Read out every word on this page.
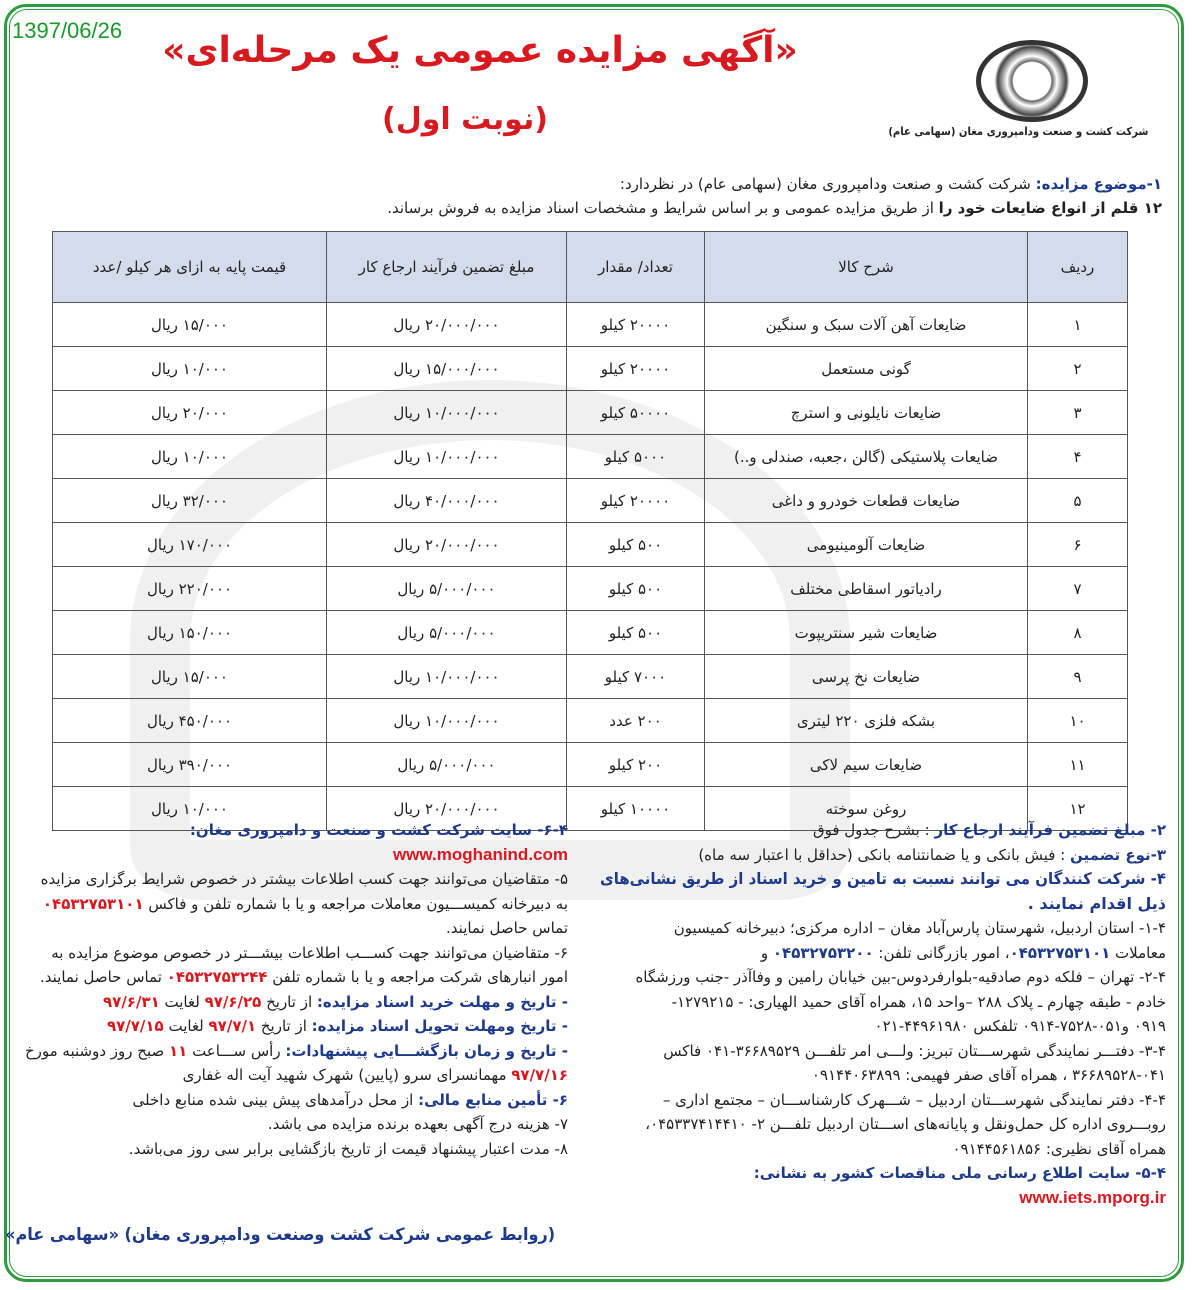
1397/06/26	«آگهی مزایده عمومی یک مرحله‌ای»
(نوبت اول)	شرکت کشت و صنعت ودامپروری مغان (سهامی عام)
۱-موضوع مزایده: شرکت کشت و صنعت ودامپروری مغان (سهامی عام) در نظردارد:
۱۲ قلم از انواع ضایعات خود را از طریق مزایده عمومی و بر اساس شرایط و مشخصات اسناد مزایده به فروش برساند.
ردیف	شرح کالا	تعداد/ مقدار	مبلغ تضمین فرآیند ارجاع کار	قیمت پایه به ازای هر کیلو /عدد
۱	ضایعات آهن آلات سبک و سنگین	۲۰۰۰۰ کیلو	۲۰/۰۰۰/۰۰۰ ریال	۱۵/۰۰۰ ریال
۲	گونی مستعمل	۲۰۰۰۰ کیلو	۱۵/۰۰۰/۰۰۰ ریال	۱۰/۰۰۰ ریال
۳	ضایعات نایلونی و استرچ	۵۰۰۰۰ کیلو	۱۰/۰۰۰/۰۰۰ ریال	۲۰/۰۰۰ ریال
۴	ضایعات پلاستیکی (گالن ،جعبه، صندلی و..)	۵۰۰۰ کیلو	۱۰/۰۰۰/۰۰۰ ریال	۱۰/۰۰۰ ریال
۵	ضایعات قطعات خودرو و داغی	۲۰۰۰۰ کیلو	۴۰/۰۰۰/۰۰۰ ریال	۳۲/۰۰۰ ریال
۶	ضایعات آلومینیومی	۵۰۰ کیلو	۲۰/۰۰۰/۰۰۰ ریال	۱۷۰/۰۰۰ ریال
۷	رادیاتور اسقاطی مختلف	۵۰۰ کیلو	۵/۰۰۰/۰۰۰ ریال	۲۲۰/۰۰۰ ریال
۸	ضایعات شیر سنتریپوت	۵۰۰ کیلو	۵/۰۰۰/۰۰۰ ریال	۱۵۰/۰۰۰ ریال
۹	ضایعات نخ پرسی	۷۰۰۰ کیلو	۱۰/۰۰۰/۰۰۰ ریال	۱۵/۰۰۰ ریال
۱۰	بشکه فلزی ۲۲۰ لیتری	۲۰۰ عدد	۱۰/۰۰۰/۰۰۰ ریال	۴۵۰/۰۰۰ ریال
۱۱	ضایعات سیم لاکی	۲۰۰ کیلو	۵/۰۰۰/۰۰۰ ریال	۳۹۰/۰۰۰ ریال
۱۲	روغن سوخته	۱۰۰۰۰ کیلو	۲۰/۰۰۰/۰۰۰ ریال	۱۰/۰۰۰ ریال
۲- مبلغ تضمین فرآیند ارجاع کار : بشرح جدول فوق
۳-نوع تضمین : فیش بانکی و یا ضمانتنامه بانکی (حداقل با اعتبار سه ماه)
۴- شرکت کنندگان می توانند نسبت به تامین و خرید اسناد از طریق نشانی‌های
ذیل اقدام نمایند .
۱-۴- استان اردبیل، شهرستان پارس‌آباد مغان – اداره مرکزی؛ دبیرخانه کمیسیون
معاملات ۰۴۵۳۲۷۵۳۱۰۱، امور بازرگانی تلفن: ۰۴۵۳۲۷۵۳۲۰۰ و
۲-۴- تهران – فلکه دوم صادقیه-بلوارفردوس-بین خیابان رامین و وفاآذر -جنب ورزشگاه
خادم - طبقه چهارم ـ پلاک ۲۸۸ –واحد ۱۵، همراه آقای حمید الهیاری: - ۱۲۷۹۲۱۵-
۰۹۱۹ و۰۵۱-۷۵۲۸-۰۹۱۴ تلفکس ۴۴۹۶۱۹۸۰-۰۲۱
۳-۴- دفتـــر نمایندگی شهرســـتان تبریز: ولـــی امر تلفـــن ۳۶۶۸۹۵۲۹-۰۴۱ فاکس
۳۶۶۸۹۵۲۸-۰۴۱ ، همراه آقای صفر فهیمی: ۰۹۱۴۴۰۶۳۸۹۹
۴-۴- دفتر نمایندگی شهرســـتان اردبیل – شـــهرک کارشناســـان – مجتمع اداری –
روبـــروی اداره کل حمل‌ونقل و پایانه‌های اســـتان اردبیل تلفـــن ۲- ۰۴۵۳۳۷۴۱۴۴۱۰،
همراه آقای نظیری: ۰۹۱۴۴۵۶۱۸۵۶
۵-۴- سایت اطلاع رسانی ملی مناقصات کشور به نشانی:
www.iets.mporg.ir
۶-۴- سایت شرکت کشت و صنعت و دامپروری مغان:
www.moghanind.com
۵- متقاضیان می‌توانند جهت کسب اطلاعات بیشتر در خصوص شرایط برگزاری مزایده
به دبیرخانه کمیســـیون معاملات مراجعه و یا با شماره تلفن و فاکس ۰۴۵۳۲۷۵۳۱۰۱
تماس حاصل نمایند.
۶- متقاضیان می‌توانند جهت کســـب اطلاعات بیشـــتر در خصوص موضوع مزایده به
امور انبارهای شرکت مراجعه و یا با شماره تلفن ۰۴۵۳۲۷۵۳۲۴۴ تماس حاصل نمایند.
- تاریخ و مهلت خرید اسناد مزایده: از تاریخ ۹۷/۶/۲۵ لغایت ۹۷/۶/۳۱
- تاریخ ومهلت تحویل اسناد مزایده: از تاریخ ۹۷/۷/۱ لغایت ۹۷/۷/۱۵
- تاریخ و زمان بازگشـــایی پیشنهادات: رأس ســـاعت ۱۱ صبح روز دوشنبه مورخ
۹۷/۷/۱۶ مهمانسرای سرو (پایین) شهرک شهید آیت اله غفاری
۶- تأمین منابع مالی: از محل درآمدهای پیش بینی شده منابع داخلی
۷- هزینه درج آگهی بعهده برنده مزایده می باشد.
۸- مدت اعتبار پیشنهاد قیمت از تاریخ بازگشایی برابر سی روز می‌باشد.
(روابط عمومی شرکت کشت وصنعت ودامپروری مغان) «سهامی عام»
